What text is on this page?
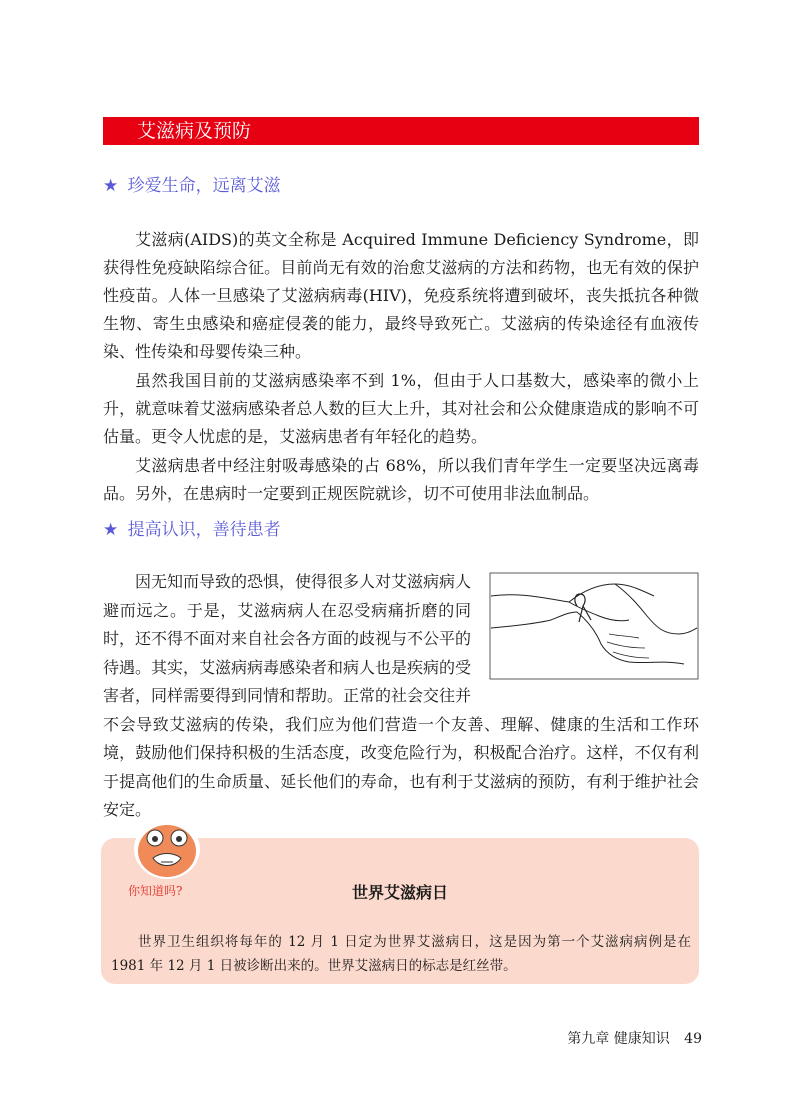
艾滋病及预防
★ 珍爱生命，远离艾滋

艾滋病(AIDS)的英文全称是 Acquired Immune Deficiency Syndrome，即获得性免疫缺陷综合征。目前尚无有效的治愈艾滋病的方法和药物，也无有效的保护性疫苗。人体一旦感染了艾滋病病毒(HIV)，免疫系统将遭到破坏，丧失抵抗各种微生物、寄生虫感染和癌症侵袭的能力，最终导致死亡。艾滋病的传染途径有血液传染、性传染和母婴传染三种。

虽然我国目前的艾滋病感染率不到 1%，但由于人口基数大，感染率的微小上升，就意味着艾滋病感染者总人数的巨大上升，其对社会和公众健康造成的影响不可估量。更令人忧虑的是，艾滋病患者有年轻化的趋势。

艾滋病患者中经注射吸毒感染的占 68%，所以我们青年学生一定要坚决远离毒品。另外，在患病时一定要到正规医院就诊，切不可使用非法血制品。

★ 提高认识，善待患者
因无知而导致的恐惧，使得很多人对艾滋病病人避而远之。于是，艾滋病病人在忍受病痛折磨的同时，还不得不面对来自社会各方面的歧视与不公平的待遇。其实，艾滋病病毒感染者和病人也是疾病的受害者，同样需要得到同情和帮助。正常的社会交往并不会导致艾滋病的传染，我们应为他们营造一个友善、理解、健康的生活和工作环境，鼓励他们保持积极的生活态度，改变危险行为，积极配合治疗。这样，不仅有利于提高他们的生命质量、延长他们的寿命，也有利于艾滋病的预防，有利于维护社会安定。
你知道吗?	世界艾滋病日

世界卫生组织将每年的 12 月 1 日定为世界艾滋病日，这是因为第一个艾滋病病例是在 1981 年 12 月 1 日被诊断出来的。世界艾滋病日的标志是红丝带。

第九章 健康知识 49
